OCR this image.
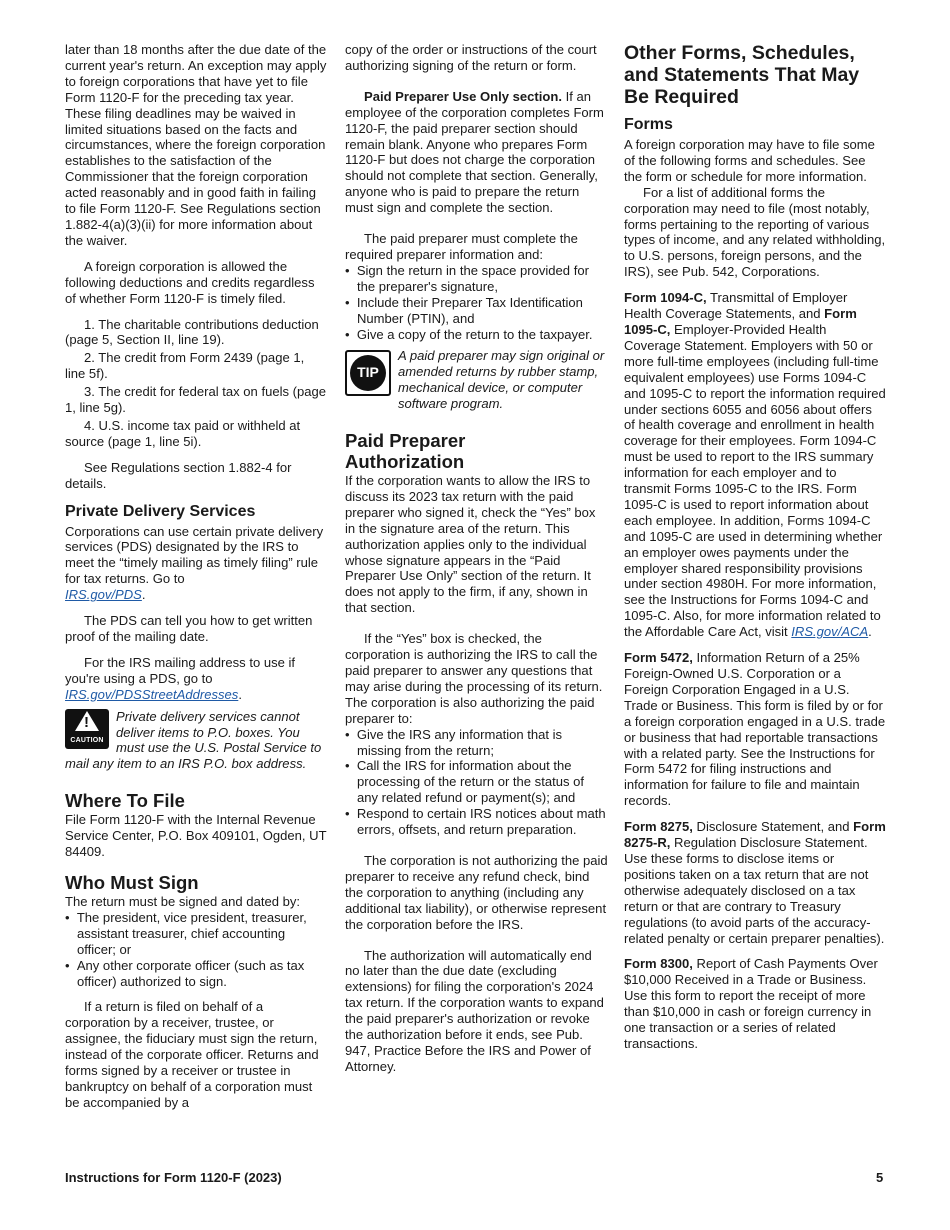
later than 18 months after the due date of the current year's return. An exception may apply to foreign corporations that have yet to file Form 1120-F for the preceding tax year. These filing deadlines may be waived in limited situations based on the facts and circumstances, where the foreign corporation establishes to the satisfaction of the Commissioner that the foreign corporation acted reasonably and in good faith in failing to file Form 1120-F. See Regulations section 1.882-4(a)(3)(ii) for more information about the waiver.

A foreign corporation is allowed the following deductions and credits regardless of whether Form 1120-F is timely filed.

1. The charitable contributions deduction (page 5, Section II, line 19).

2. The credit from Form 2439 (page 1, line 5f).

3. The credit for federal tax on fuels (page 1, line 5g).

4. U.S. income tax paid or withheld at source (page 1, line 5i).

See Regulations section 1.882-4 for details.

Private Delivery Services

Corporations can use certain private delivery services (PDS) designated by the IRS to meet the “timely mailing as timely filing” rule for tax returns. Go to
IRS.gov/PDS.

The PDS can tell you how to get written proof of the mailing date.

For the IRS mailing address to use if you're using a PDS, go to
IRS.gov/PDSStreetAddresses.

!
CAUTION
Private delivery services cannot deliver items to P.O. boxes. You must use the U.S. Postal Service to mail any item to an IRS P.O. box address.
Where To File

File Form 1120-F with the Internal Revenue Service Center, P.O. Box 409101, Ogden, UT 84409.

Who Must Sign

The return must be signed and dated by:

•  The president, vice president, treasurer, assistant treasurer, chief accounting officer; or

•  Any other corporate officer (such as tax officer) authorized to sign.

If a return is filed on behalf of a corporation by a receiver, trustee, or assignee, the fiduciary must sign the return, instead of the corporate officer. Returns and forms signed by a receiver or trustee in bankruptcy on behalf of a corporation must be accompanied by a

copy of the order or instructions of the court authorizing signing of the return or form.

Paid Preparer Use Only section. If an employee of the corporation completes Form 1120-F, the paid preparer section should remain blank. Anyone who prepares Form 1120-F but does not charge the corporation should not complete that section. Generally, anyone who is paid to prepare the return must sign and complete the section.

The paid preparer must complete the required preparer information and:

•  Sign the return in the space provided for the preparer's signature,

•  Include their Preparer Tax Identification Number (PTIN), and

•  Give a copy of the return to the taxpayer.

TIP
A paid preparer may sign original or amended returns by rubber stamp, mechanical device, or computer software program.
Paid Preparer Authorization

If the corporation wants to allow the IRS to discuss its 2023 tax return with the paid preparer who signed it, check the “Yes” box in the signature area of the return. This authorization applies only to the individual whose signature appears in the “Paid Preparer Use Only” section of the return. It does not apply to the firm, if any, shown in that section.

If the “Yes” box is checked, the corporation is authorizing the IRS to call the paid preparer to answer any questions that may arise during the processing of its return. The corporation is also authorizing the paid preparer to:

•  Give the IRS any information that is missing from the return;

•  Call the IRS for information about the processing of the return or the status of any related refund or payment(s); and

•  Respond to certain IRS notices about math errors, offsets, and return preparation.

The corporation is not authorizing the paid preparer to receive any refund check, bind the corporation to anything (including any additional tax liability), or otherwise represent the corporation before the IRS.

The authorization will automatically end no later than the due date (excluding extensions) for filing the corporation's 2024 tax return. If the corporation wants to expand the paid preparer's authorization or revoke the authorization before it ends, see Pub. 947, Practice Before the IRS and Power of Attorney.

Other Forms, Schedules, and Statements That May Be Required
Forms

A foreign corporation may have to file some of the following forms and schedules. See the form or schedule for more information.

For a list of additional forms the corporation may need to file (most notably, forms pertaining to the reporting of various types of income, and any related withholding, to U.S. persons, foreign persons, and the IRS), see Pub. 542, Corporations.

Form 1094-C, Transmittal of Employer Health Coverage Statements, and Form 1095-C, Employer-Provided Health Coverage Statement. Employers with 50 or more full-time employees (including full-time equivalent employees) use Forms 1094-C and 1095-C to report the information required under sections 6055 and 6056 about offers of health coverage and enrollment in health coverage for their employees. Form 1094-C must be used to report to the IRS summary information for each employer and to transmit Forms 1095-C to the IRS. Form 1095-C is used to report information about each employee. In addition, Forms 1094-C and 1095-C are used in determining whether an employer owes payments under the employer shared responsibility provisions under section 4980H. For more information, see the Instructions for Forms 1094-C and 1095-C. Also, for more information related to the Affordable Care Act, visit IRS.gov/ACA.

Form 5472, Information Return of a 25% Foreign-Owned U.S. Corporation or a Foreign Corporation Engaged in a U.S. Trade or Business. This form is filed by or for a foreign corporation engaged in a U.S. trade or business that had reportable transactions with a related party. See the Instructions for Form 5472 for filing instructions and information for failure to file and maintain records.

Form 8275, Disclosure Statement, and Form 8275-R, Regulation Disclosure Statement. Use these forms to disclose items or positions taken on a tax return that are not otherwise adequately disclosed on a tax return or that are contrary to Treasury regulations (to avoid parts of the accuracy-related penalty or certain preparer penalties).

Form 8300, Report of Cash Payments Over $10,000 Received in a Trade or Business. Use this form to report the receipt of more than $10,000 in cash or foreign currency in one transaction or a series of related transactions.

Instructions for Form 1120-F (2023)	5
